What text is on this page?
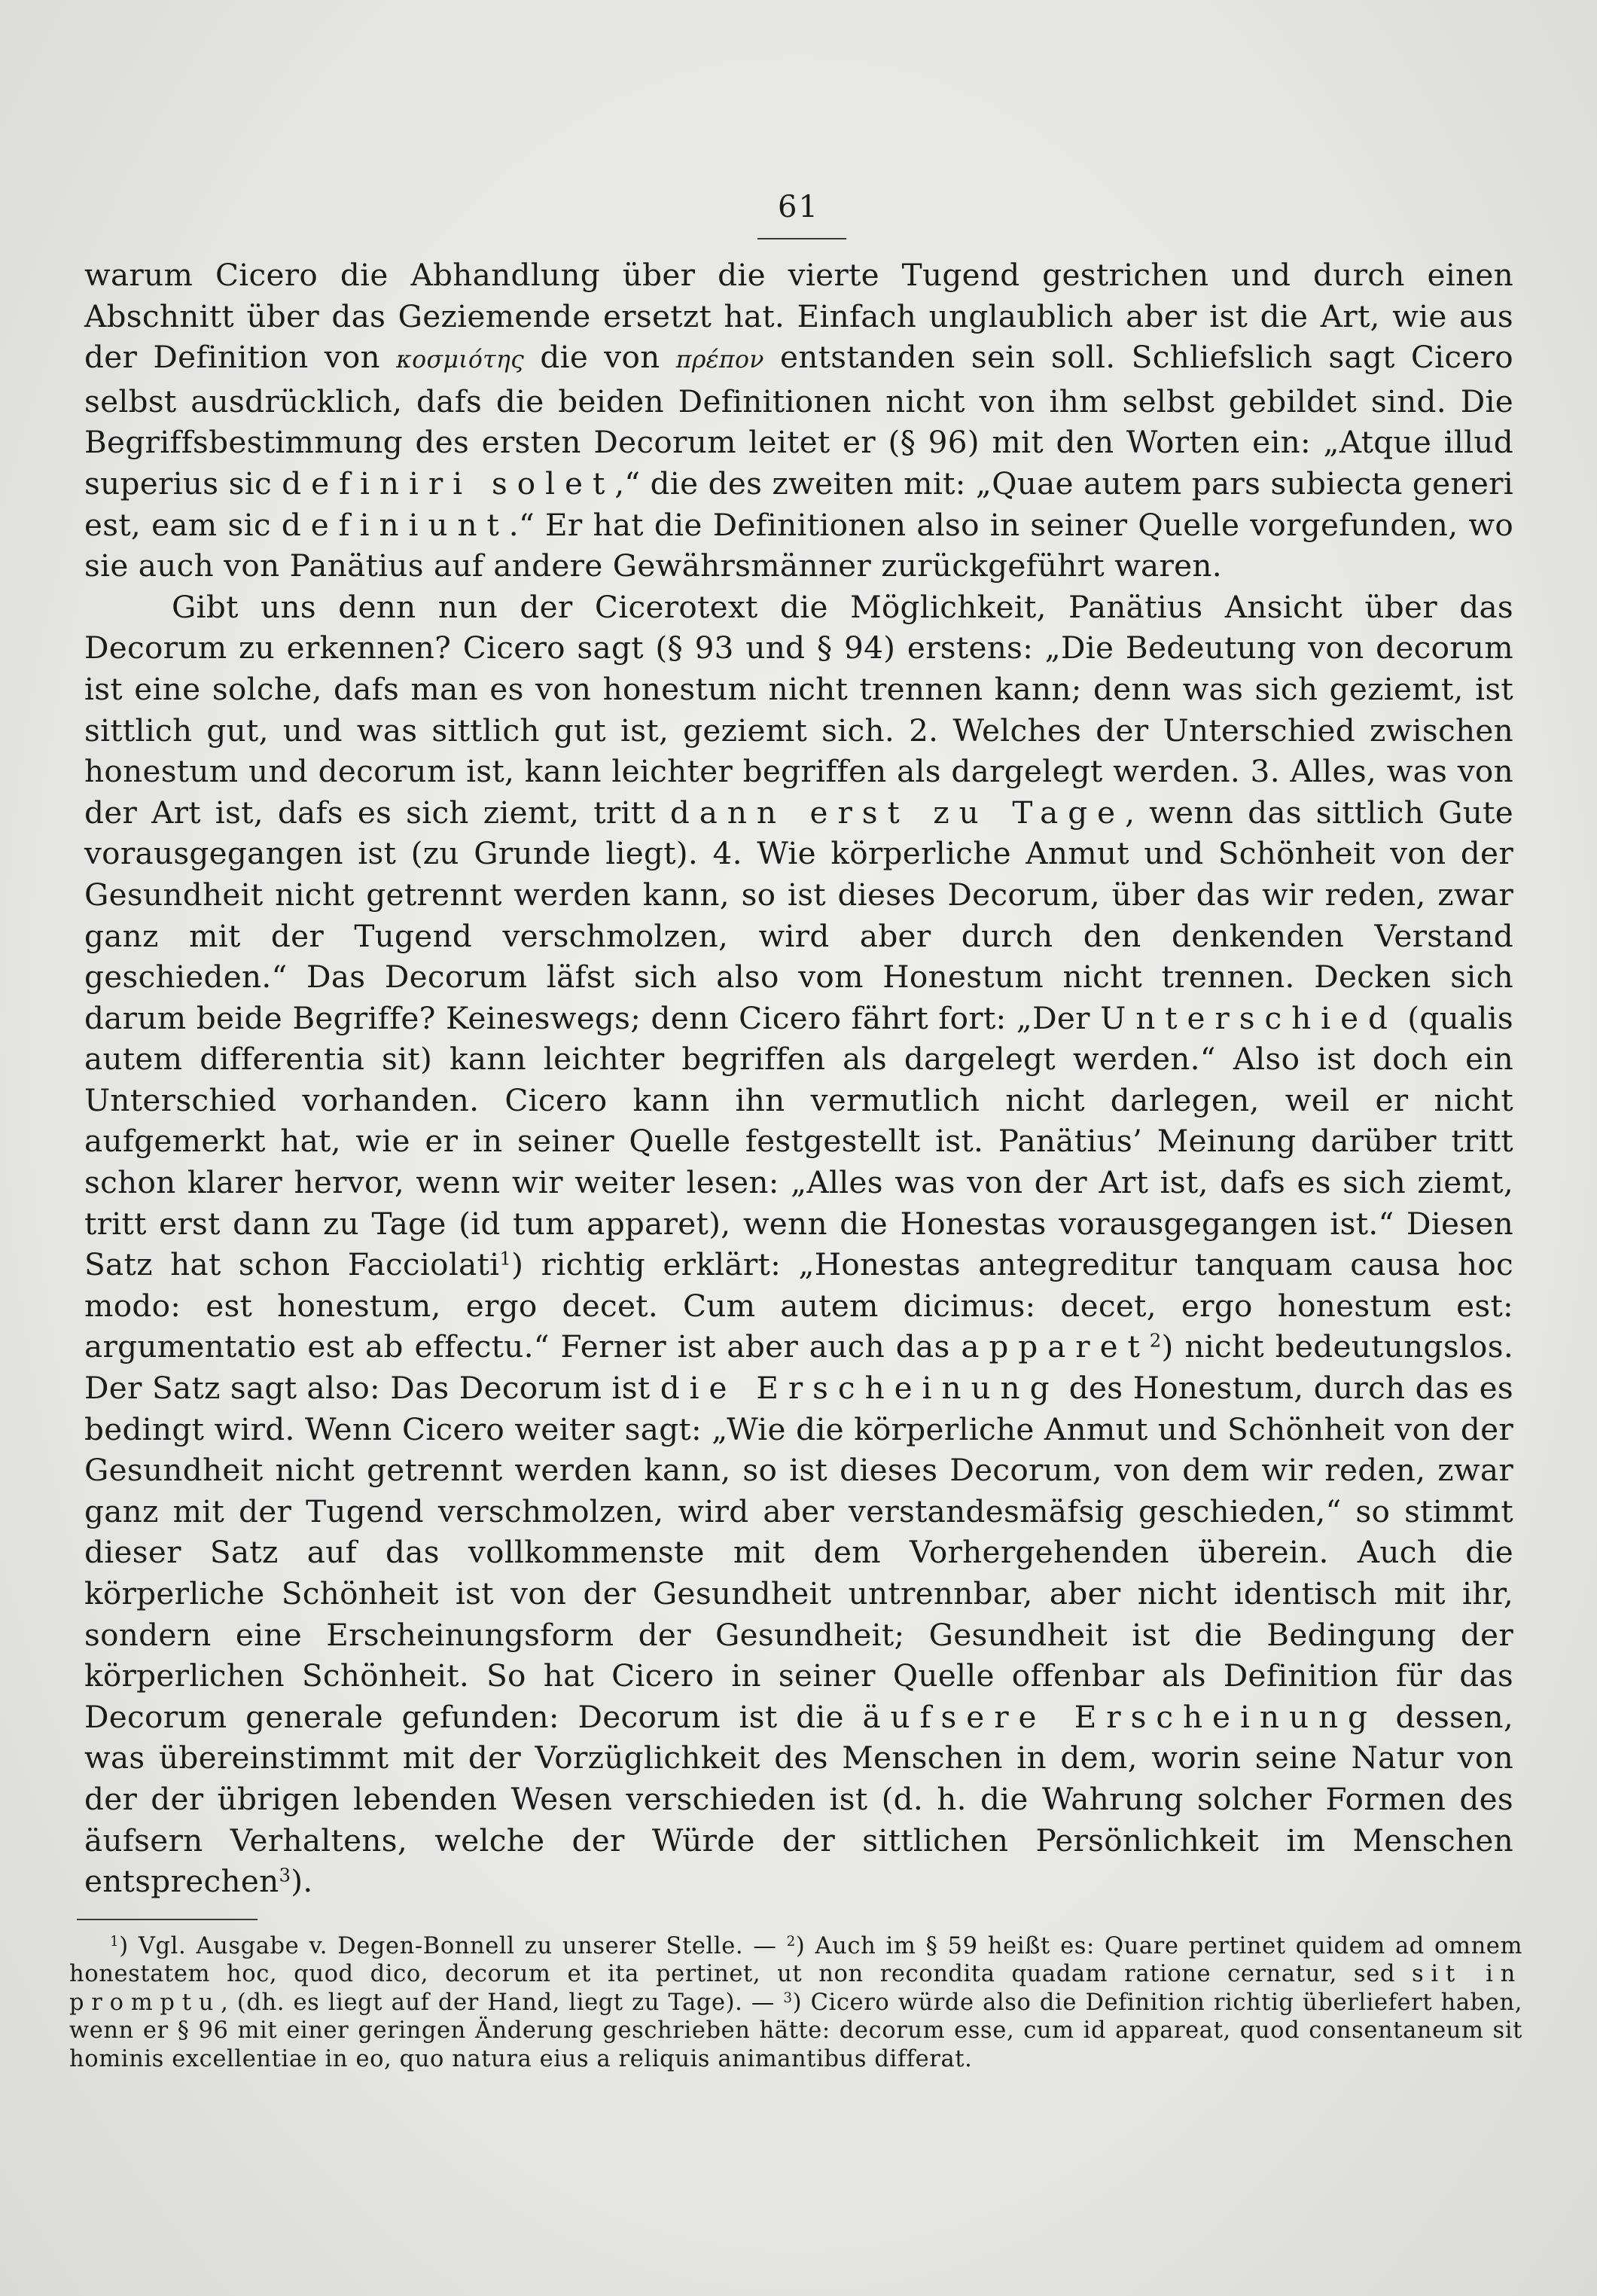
61

warum Cicero die Abhandlung über die vierte Tugend gestrichen und durch einen Abschnitt über das Geziemende ersetzt hat. Einfach unglaublich aber ist die Art, wie aus der Definition von κοσμιότης die von πρέπον entstanden sein soll. Schliefslich sagt Cicero selbst ausdrücklich, dafs die beiden Definitionen nicht von ihm selbst gebildet sind. Die Begriffsbestimmung des ersten Decorum leitet er (§ 96) mit den Worten ein: „Atque illud superius sic definiri solet,“ die des zweiten mit: „Quae autem pars subiecta generi est, eam sic definiunt.“ Er hat die Definitionen also in seiner Quelle vorgefunden, wo sie auch von Panätius auf andere Gewährsmänner zurückgeführt waren.

Gibt uns denn nun der Cicerotext die Möglichkeit, Panätius Ansicht über das Decorum zu erkennen? Cicero sagt (§ 93 und § 94) erstens: „Die Bedeutung von decorum ist eine solche, dafs man es von honestum nicht trennen kann; denn was sich geziemt, ist sittlich gut, und was sittlich gut ist, geziemt sich. 2. Welches der Unterschied zwischen honestum und decorum ist, kann leichter begriffen als dargelegt werden. 3. Alles, was von der Art ist, dafs es sich ziemt, tritt dann erst zu Tage, wenn das sittlich Gute vorausgegangen ist (zu Grunde liegt). 4. Wie körperliche Anmut und Schönheit von der Gesundheit nicht getrennt werden kann, so ist dieses Decorum, über das wir reden, zwar ganz mit der Tugend verschmolzen, wird aber durch den denkenden Verstand geschieden.“ Das Decorum läfst sich also vom Honestum nicht trennen. Decken sich darum beide Begriffe? Keineswegs; denn Cicero fährt fort: „Der Unterschied (qualis autem differentia sit) kann leichter begriffen als dargelegt werden.“ Also ist doch ein Unterschied vorhanden. Cicero kann ihn vermutlich nicht darlegen, weil er nicht aufgemerkt hat, wie er in seiner Quelle festgestellt ist. Panätius’ Meinung darüber tritt schon klarer hervor, wenn wir weiter lesen: „Alles was von der Art ist, dafs es sich ziemt, tritt erst dann zu Tage (id tum apparet), wenn die Honestas vorausgegangen ist.“ Diesen Satz hat schon Facciolati$^1$) richtig erklärt: „Honestas antegreditur tanquam causa hoc modo: est honestum, ergo decet. Cum autem dicimus: decet, ergo honestum est: argumentatio est ab effectu.“ Ferner ist aber auch das apparet$^2$) nicht bedeutungslos. Der Satz sagt also: Das Decorum ist die Erscheinung des Honestum, durch das es bedingt wird. Wenn Cicero weiter sagt: „Wie die körperliche Anmut und Schönheit von der Gesundheit nicht getrennt werden kann, so ist dieses Decorum, von dem wir reden, zwar ganz mit der Tugend verschmolzen, wird aber verstandesmäfsig geschieden,“ so stimmt dieser Satz auf das vollkommenste mit dem Vorhergehenden überein. Auch die körperliche Schönheit ist von der Gesundheit untrennbar, aber nicht identisch mit ihr, sondern eine Erscheinungsform der Gesundheit; Gesundheit ist die Bedingung der körperlichen Schönheit. So hat Cicero in seiner Quelle offenbar als Definition für das Decorum generale gefunden: Decorum ist die äufsere Erscheinung dessen, was übereinstimmt mit der Vorzüglichkeit des Menschen in dem, worin seine Natur von der der übrigen lebenden Wesen verschieden ist (d. h. die Wahrung solcher Formen des äufsern Verhaltens, welche der Würde der sittlichen Persönlichkeit im Menschen entsprechen$^3$).

$^1$) Vgl. Ausgabe v. Degen-Bonnell zu unserer Stelle. — $^2$) Auch im § 59 heißt es: Quare pertinet quidem ad omnem honestatem hoc, quod dico, decorum et ita pertinet, ut non recondita quadam ratione cernatur, sed sit in promptu, (dh. es liegt auf der Hand, liegt zu Tage). — $^3$) Cicero würde also die Definition richtig überliefert haben, wenn er § 96 mit einer geringen Änderung geschrieben hätte: decorum esse, cum id appareat, quod consentaneum sit hominis excellentiae in eo, quo natura eius a reliquis animantibus differat.
